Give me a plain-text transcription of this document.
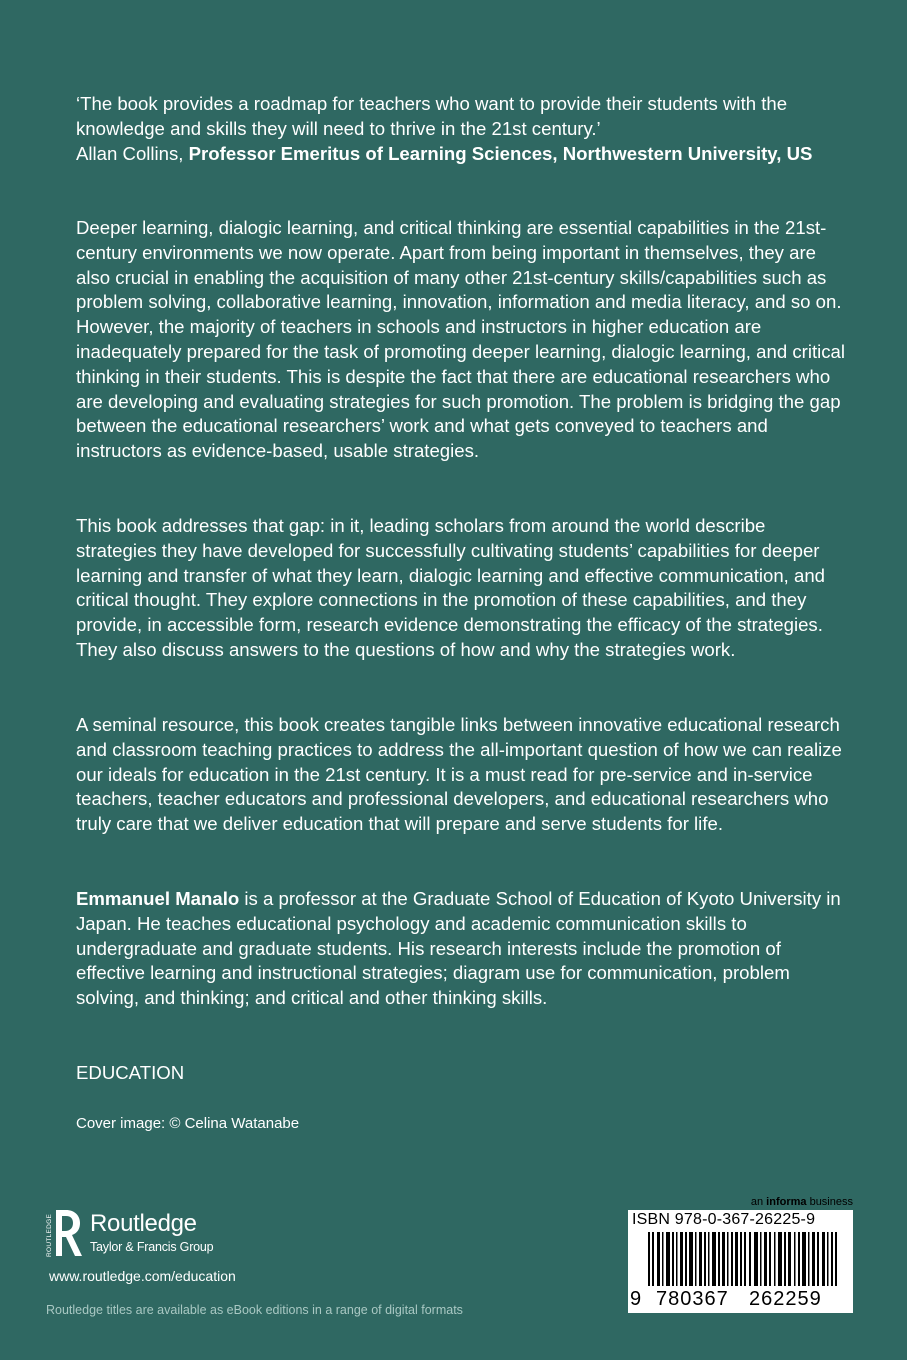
‘The book provides a roadmap for teachers who want to provide their students with the knowledge and skills they will need to thrive in the 21st century.’
Allan Collins, Professor Emeritus of Learning Sciences, Northwestern University, US

Deeper learning, dialogic learning, and critical thinking are essential capabilities in the 21st-century environments we now operate. Apart from being important in themselves, they are also crucial in enabling the acquisition of many other 21st-century skills/capabilities such as problem solving, collaborative learning, innovation, information and media literacy, and so on. However, the majority of teachers in schools and instructors in higher education are inadequately prepared for the task of promoting deeper learning, dialogic learning, and critical thinking in their students. This is despite the fact that there are educational researchers who are developing and evaluating strategies for such promotion. The problem is bridging the gap between the educational researchers’ work and what gets conveyed to teachers and instructors as evidence-based, usable strategies.

This book addresses that gap: in it, leading scholars from around the world describe strategies they have developed for successfully cultivating students’ capabilities for deeper learning and transfer of what they learn, dialogic learning and effective communication, and critical thought. They explore connections in the promotion of these capabilities, and they provide, in accessible form, research evidence demonstrating the efficacy of the strategies. They also discuss answers to the questions of how and why the strategies work.

A seminal resource, this book creates tangible links between innovative educational research and classroom teaching practices to address the all-important question of how we can realize our ideals for education in the 21st century. It is a must read for pre-service and in-service teachers, teacher educators and professional developers, and educational researchers who truly care that we deliver education that will prepare and serve students for life.

Emmanuel Manalo is a professor at the Graduate School of Education of Kyoto University in Japan. He teaches educational psychology and academic communication skills to undergraduate and graduate students. His research interests include the promotion of effective learning and instructional strategies; diagram use for communication, problem solving, and thinking; and critical and other thinking skills.

EDUCATION
Cover image: © Celina Watanabe
ROUTLEDGE Routledge
Taylor & Francis Group
www.routledge.com/education
Routledge titles are available as eBook editions in a range of digital formats
an informa business
ISBN 978-0-367-26225-9
9 780367 262259
